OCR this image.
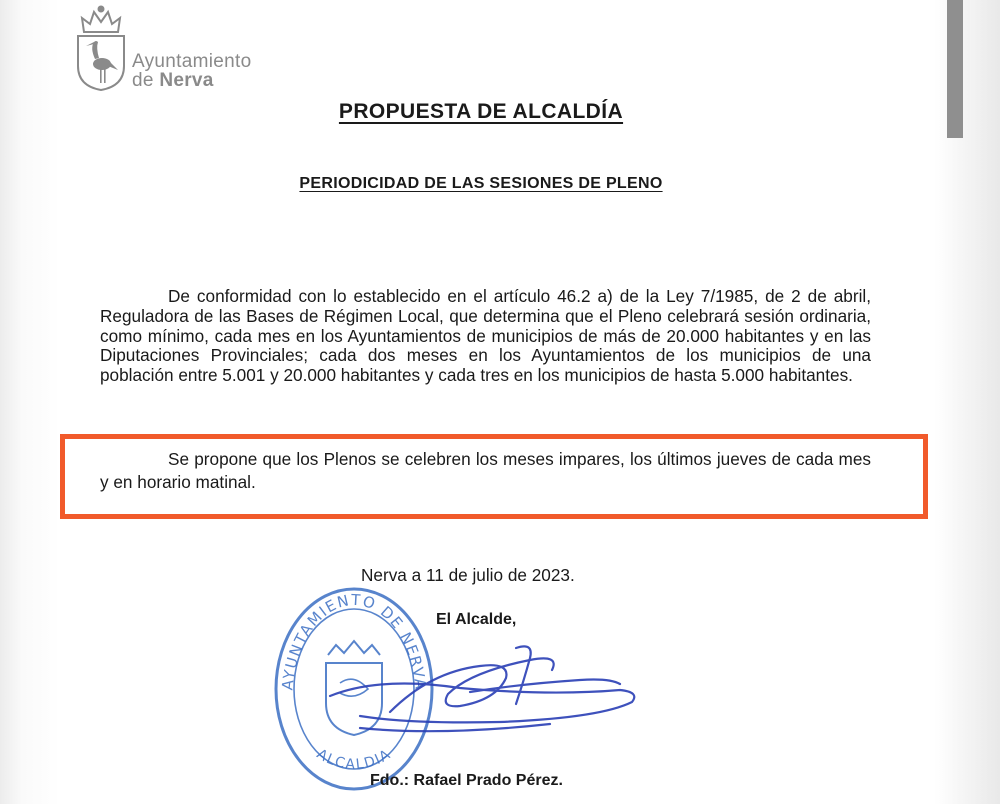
Ayuntamiento
de Nerva
PROPUESTA DE ALCALDÍA
PERIODICIDAD DE LAS SESIONES DE PLENO
De conformidad con lo establecido en el artículo 46.2 a) de la Ley 7/1985, de 2 de abril, Reguladora de las Bases de Régimen Local, que determina que el Pleno celebrará sesión ordinaria, como mínimo, cada mes en los Ayuntamientos de municipios de más de 20.000 habitantes y en las Diputaciones Provinciales; cada dos meses en los Ayuntamientos de los municipios de una población entre 5.001 y 20.000 habitantes y cada tres en los municipios de hasta 5.000 habitantes.
Se propone que los Plenos se celebren los meses impares, los últimos jueves de cada mes y en horario matinal.
Nerva a 11 de julio de 2023.
El Alcalde,
AYUNTAMIENTO DE NERVA
ALCALDIA
Fdo.: Rafael Prado Pérez.
